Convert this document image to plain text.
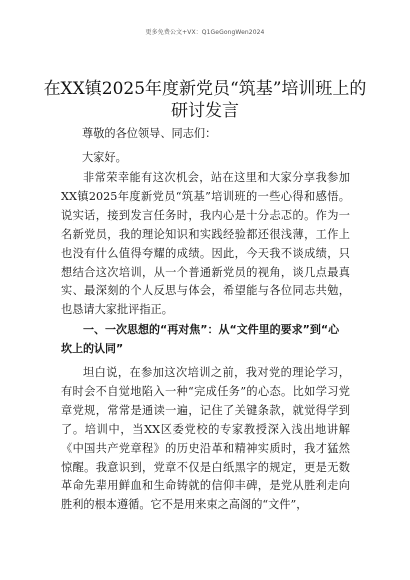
更多免费公文+VX：Q1GeGongWen2024
在XX镇2025年度新党员“筑基”培训班上的研讨发言

尊敬的各位领导、同志们：

大家好。

非常荣幸能有这次机会，站在这里和大家分享我参加XX镇2025年度新党员“筑基”培训班的一些心得和感悟。说实话，接到发言任务时，我内心是十分忐忑的。作为一名新党员，我的理论知识和实践经验都还很浅薄，工作上也没有什么值得夸耀的成绩。因此，今天我不谈成绩，只想结合这次培训，从一个普通新党员的视角，谈几点最真实、最深刻的个人反思与体会，希望能与各位同志共勉，也恳请大家批评指正。

一、一次思想的“再对焦”：从“文件里的要求”到“心坎上的认同”

坦白说，在参加这次培训之前，我对党的理论学习，有时会不自觉地陷入一种“完成任务”的心态。比如学习党章党规，常常是通读一遍，记住了关键条款，就觉得学到了。培训中，当XX区委党校的专家教授深入浅出地讲解《中国共产党章程》的历史沿革和精神实质时，我才猛然惊醒。我意识到，党章不仅是白纸黑字的规定，更是无数革命先辈用鲜血和生命铸就的信仰丰碑，是党从胜利走向胜利的根本遵循。它不是用来束之高阁的“文件”，
